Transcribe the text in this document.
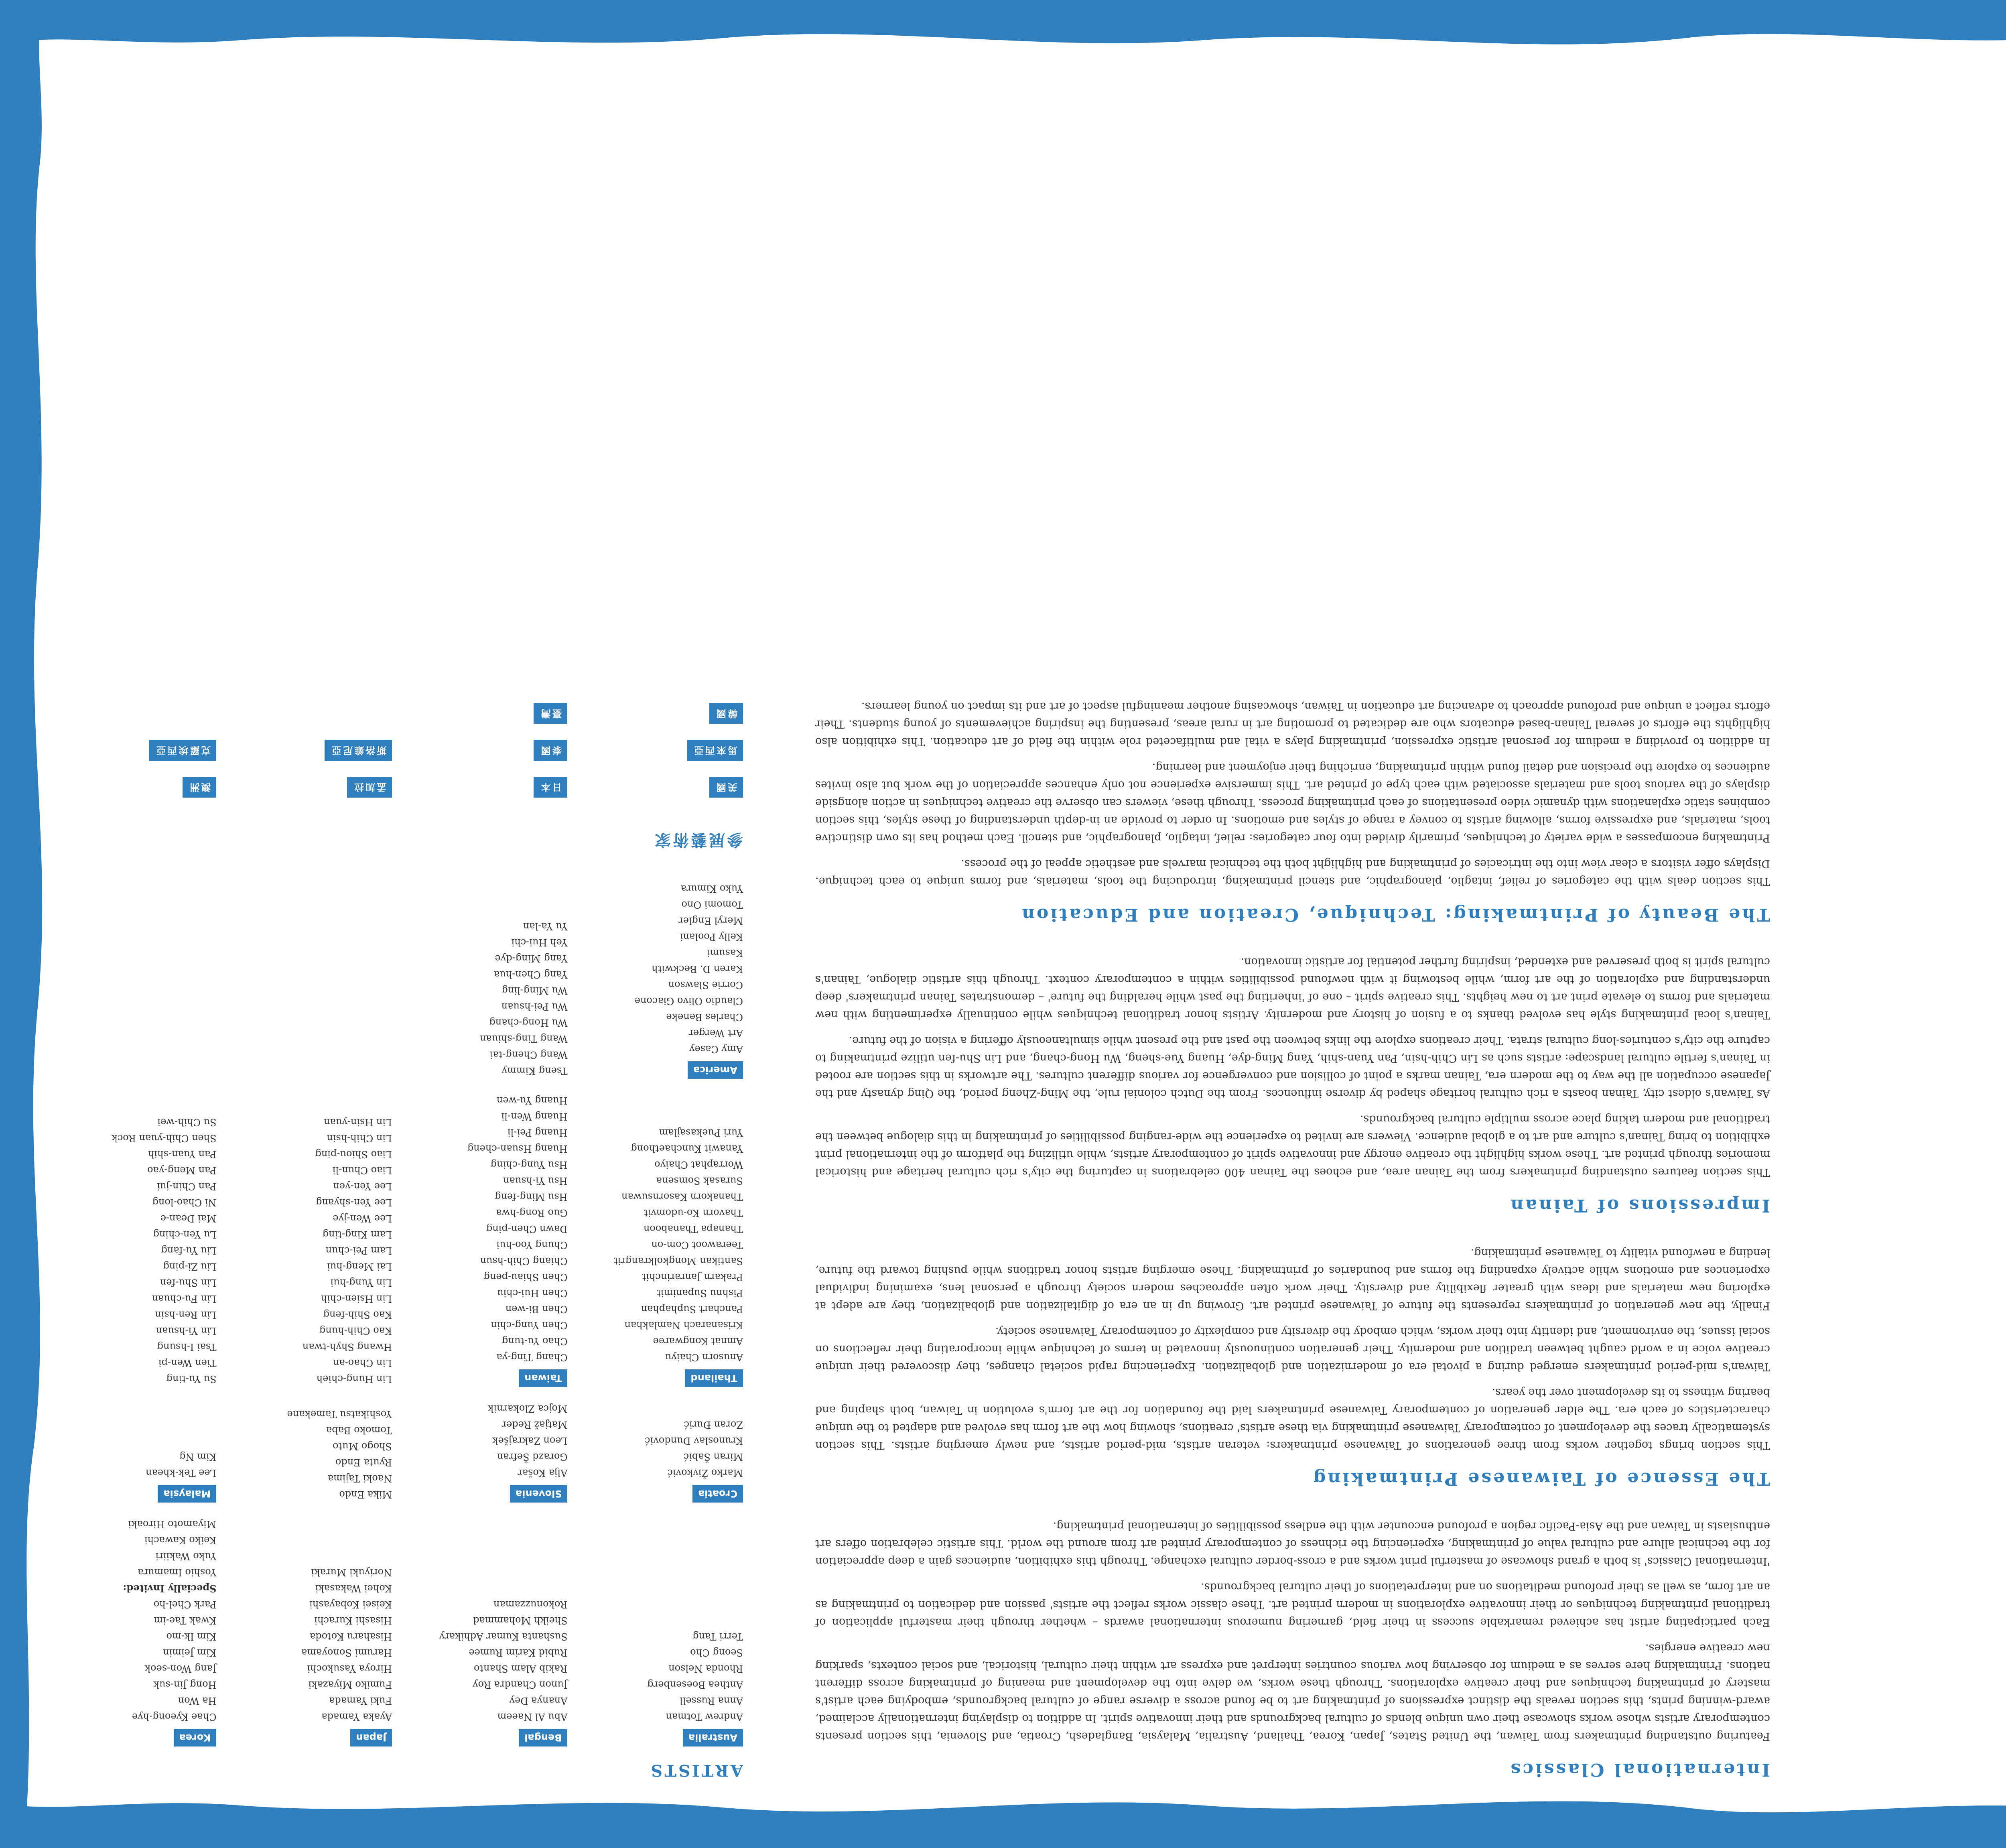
International Classics

Featuring outstanding printmakers from Taiwan, the United States, Japan, Korea, Thailand, Australia, Malaysia, Bangladesh, Croatia, and Slovenia, this section presents contemporary artists whose works showcase their own unique blends of cultural backgrounds and their innovative spirit. In addition to displaying internationally acclaimed, award-winning prints, this section reveals the distinct expressions of printmaking art to be found across a diverse range of cultural backgrounds, embodying each artist's mastery of printmaking techniques and their creative explorations. Through these works, we delve into the development and meaning of printmaking across different nations. Printmaking here serves as a medium for observing how various countries interpret and express art within their cultural, historical, and social contexts, sparking new creative energies.

Each participating artist has achieved remarkable success in their field, garnering numerous international awards – whether through their masterful application of traditional printmaking techniques or their innovative explorations in modern printed art. These classic works reflect the artists' passion and dedication to printmaking as an art form, as well as their profound meditations on and interpretations of their cultural backgrounds.

'International Classics' is both a grand showcase of masterful print works and a cross-border cultural exchange. Through this exhibition, audiences gain a deep appreciation for the technical allure and cultural value of printmaking, experiencing the richness of contemporary printed art from around the world. This artistic celebration offers art enthusiasts in Taiwan and the Asia-Pacific region a profound encounter with the endless possibilities of international printmaking.

The Essence of Taiwanese Printmaking

This section brings together works from three generations of Taiwanese printmakers: veteran artists, mid-period artists, and newly emerging artists. This section systematically traces the development of contemporary Taiwanese printmaking via these artists' creations, showing how the art form has evolved and adapted to the unique characteristics of each era. The elder generation of contemporary Taiwanese printmakers laid the foundation for the art form's evolution in Taiwan, both shaping and bearing witness to its development over the years.

Taiwan's mid-period printmakers emerged during a pivotal era of modernization and globalization. Experiencing rapid societal changes, they discovered their unique creative voice in a world caught between tradition and modernity. Their generation continuously innovated in terms of technique while incorporating their reflections on social issues, the environment, and identity into their works, which embody the diversity and complexity of contemporary Taiwanese society.

Finally, the new generation of printmakers represents the future of Taiwanese printed art. Growing up in an era of digitalization and globalization, they are adept at exploring new materials and ideas with greater flexibility and diversity. Their work often approaches modern society through a personal lens, examining individual experiences and emotions while actively expanding the forms and boundaries of printmaking. These emerging artists honor traditions while pushing toward the future, lending a newfound vitality to Taiwanese printmaking.

Impressions of Tainan

This section features outstanding printmakers from the Tainan area, and echoes the Tainan 400 celebrations in capturing the city's rich cultural heritage and historical memories through printed art. These works highlight the creative energy and innovative spirit of contemporary artists, while utilizing the platform of the international print exhibition to bring Tainan's culture and art to a global audience. Viewers are invited to experience the wide-ranging possibilities of printmaking in this dialogue between the traditional and modern taking place across multiple cultural backgrounds.

As Taiwan's oldest city, Tainan boasts a rich cultural heritage shaped by diverse influences. From the Dutch colonial rule, the Ming-Zheng period, the Qing dynasty and the Japanese occupation all the way to the modern era, Tainan marks a point of collision and convergence for various different cultures. The artworks in this section are rooted in Tainan's fertile cultural landscape: artists such as Lin Chih-hsin, Pan Yuan-shih, Yang Ming-dye, Huang Yue-sheng, Wu Hong-chang, and Lin Shu-fen utilize printmaking to capture the city's centuries-long cultural strata. Their creations explore the links between the past and the present while simultaneously offering a vision of the future.

Tainan's local printmaking style has evolved thanks to a fusion of history and modernity. Artists honor traditional techniques while continually experimenting with new materials and forms to elevate print art to new heights. This creative spirit – one of 'inheriting the past while heralding the future' – demonstrates Tainan printmakers' deep understanding and exploration of the art form, while bestowing it with newfound possibilities within a contemporary context. Through this artistic dialogue, Tainan's cultural spirit is both preserved and extended, inspiring further potential for artistic innovation.

The Beauty of Printmaking: Technique, Creation and Education

This section deals with the categories of relief, intaglio, planographic, and stencil printmaking, introducing the tools, materials, and forms unique to each technique. Displays offer visitors a clear view into the intricacies of printmaking and highlight both the technical marvels and aesthetic appeal of the process.

Printmaking encompasses a wide variety of techniques, primarily divided into four categories: relief, intaglio, planographic, and stencil. Each method has its own distinctive tools, materials, and expressive forms, allowing artists to convey a range of styles and emotions. In order to provide an in-depth understanding of these styles, this section combines static explanations with dynamic video presentations of each printmaking process. Through these, viewers can observe the creative techniques in action alongside displays of the various tools and materials associated with each type of printed art. This immersive experience not only enhances appreciation of the work but also invites audiences to explore the precision and detail found within printmaking, enriching their enjoyment and learning.

In addition to providing a medium for personal artistic expression, printmaking plays a vital and multifaceted role within the field of art education. This exhibition also highlights the efforts of several Tainan-based educators who are dedicated to promoting art in rural areas, presenting the inspiring achievements of young students. Their efforts reflect a unique and profound approach to advancing art education in Taiwan, showcasing another meaningful aspect of art and its impact on young learners.

ARTISTS
Australia
Andrew Totman
Anna Russell
Anthea Boesenberg
Rhonda Nelson
Seong Cho
Terri Tang
Bengal
Abu Al Naeem
Ananya Dey
Junon Chandra Roy
Rakib Alam Shanto
Rubid Karim Rumee
Sushanta Kumar Adhikary
Sheikh Mohammad Rokonuzzaman
Japan
Ayaka Yamada
Fuki Yamada
Fumiko Miyazaki
Hiroya Yasukochi
Harumi Sonoyama
Hisaharu Kotoda
Hisashi Kurachi
Keisei Kobayashi
Kohei Wakasaki
Noriyuki Muraki
Korea
Chae Kyeong-hye
Ha Won
Hong Jin-suk
Jang Won-seok
Kim Jeimin
Kim Ik-mo
Kwak Tae-im
Park Chel-ho
Specially Invited:
Yoshio Imamura
Yuko Wakiiri
Keiko Kawachi
Miyamoto Hiroaki
Croatia
Marko Živković
Miran Šabić
Krunoslav Dundović
Zoran Đurić
Slovenia
Alja Košar
Gorazd Šefran
Leon Zakrajšek
Matjaž Reder
Mojca Zlokarnik
Mika Endo
Naoki Tajima
Ryuta Endo
Shogo Muto
Tomoko Baba
Yoshikatsu Tamekane
Malaysia
Lee Tek-khean
Kim Ng
Thailand
Anusorn Chaiyu
Amnat Kongwaree
Krisanarach Namlakhan
Panchart Suphaphan
Pishnu Supanimit
Prakarn Janrarinchit
Santikan Mongkolkrangrit
Teerawoot Com-on
Thanapa Thanaboon
Thavorn Ko-udomvit
Thanakorn Kasornsuwan
Surasak Somsena
Worraphat Chaiyo
Yanawit Kunchaethong
Yuri Puekasajlam
Taiwan
Chang Ting-ya
Chao Yu-tung
Chen Yung-chin
Chen Bi-wen
Chen Hui-chiu
Chen Shiau-peng
Chiang Chih-hsun
Chung Yoo-hui
Dawn Chen-ping
Guo Rong-hwa
Hsu Ming-feng
Hsu Yi-hsuan
Hsu Yung-ching
Huang Hsuan-cheng
Huang Pei-li
Huang Wen-li
Huang Yu-wen
Lin Hung-chieh
Lin Chao-an
Hwang Shyh-twan
Kao Chih-hung
Kao Shih-feng
Lin Hsien-chih
Lin Yung-hui
Lai Meng-hui
Lam Pei-chun
Lam King-ting
Lee Wen-jye
Lee Yen-shyang
Lee Yen-yen
Liao Chun-li
Liao Shiou-ping
Lin Chih-hsin
Lin Hsin-yuan
Su Yu-ting
Tien Wen-pi
Tsai I-hsung
Lin Yi-hsuan
Lin Ren-hsin
Lin Fu-chuan
Lin Shu-fen
Liu Zi-ping
Liu Yu-fang
Lu Yen-ching
Mai Dean-e
Ni Chao-long
Pan Chin-jui
Pan Meng-yao
Pan Yuan-shih
Shen Chih-yuan Rock
Su Chih-wei
America
Amy Casey
Art Werger
Charles Beneke
Claudio Olivo Giacone
Corrie Slawson
Karen D. Beckwith
Kasumi
Kelly Poolani
Meryl Engler
Tomomi Ono
Yuko Kimura
Tseng Kimmy
Wang Cheng-tai
Wang Ting-shiuan
Wu Hong-chang
Wu Pei-hsuan
Wu Ming-ling
Yang Chen-hua
Yang Ming-dye
Yeh Hui-chi
Yu Ya-lan
參展藝術家
美國
日本
孟加拉
澳洲
馬來西亞
泰國
斯洛維尼亞
克羅埃西亞
韓國
臺灣
